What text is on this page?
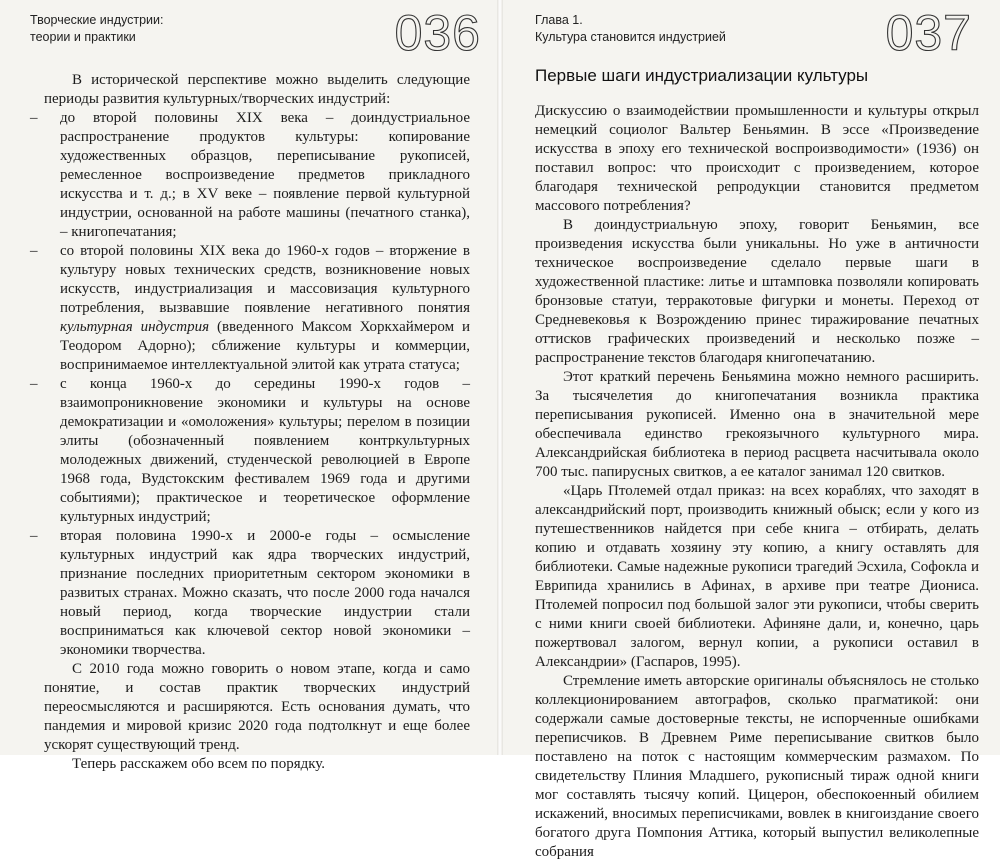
Творческие индустрии:
теории и практики	036

В исторической перспективе можно выделить следующие периоды развития культурных/творческих индустрий:

– до второй половины XIX века – доиндустриальное распространение продуктов культуры: копирование художественных образцов, переписывание рукописей, ремесленное воспроизведение предметов прикладного искусства и т. д.; в XV веке – появление первой культурной индустрии, основанной на работе машины (печатного станка), – книгопечатания;
– со второй половины XIX века до 1960-х годов – вторжение в культуру новых технических средств, возникновение новых искусств, индустриализация и массовизация культурного потребления, вызвавшие появление негативного понятия культурная индустрия (введенного Максом Хоркхаймером и Теодором Адорно); сближение культуры и коммерции, воспринимаемое интеллектуальной элитой как утрата статуса;
– с конца 1960-х до середины 1990-х годов – взаимопроникновение экономики и культуры на основе демократизации и «омоложения» культуры; перелом в позиции элиты (обозначенный появлением контркультурных молодежных движений, студенческой революцией в Европе 1968 года, Вудстокским фестивалем 1969 года и другими событиями); практическое и теоретическое оформление культурных индустрий;
– вторая половина 1990-х и 2000-е годы – осмысление культурных индустрий как ядра творческих индустрий, признание последних приоритетным сектором экономики в развитых странах. Можно сказать, что после 2000 года начался новый период, когда творческие индустрии стали восприниматься как ключевой сектор новой экономики – экономики творчества.

С 2010 года можно говорить о новом этапе, когда и само понятие, и состав практик творческих индустрий переосмысляются и расширяются. Есть основания думать, что пандемия и мировой кризис 2020 года подтолкнут и еще более ускорят существующий тренд.

Теперь расскажем обо всем по порядку.

Глава 1.
Культура становится индустрией	037
Первые шаги индустриализации культуры

Дискуссию о взаимодействии промышленности и культуры открыл немецкий социолог Вальтер Беньямин. В эссе «Произведение искусства в эпоху его технической воспроизводимости» (1936) он поставил вопрос: что происходит с произведением, которое благодаря технической репродукции становится предметом массового потребления?

В доиндустриальную эпоху, говорит Беньямин, все произведения искусства были уникальны. Но уже в античности техническое воспроизведение сделало первые шаги в художественной пластике: литье и штамповка позволяли копировать бронзовые статуи, терракотовые фигурки и монеты. Переход от Средневековья к Возрождению принес тиражирование печатных оттисков графических произведений и несколько позже – распространение текстов благодаря книгопечатанию.

Этот краткий перечень Беньямина можно немного расширить. За тысячелетия до книгопечатания возникла практика переписывания рукописей. Именно она в значительной мере обеспечивала единство грекоязычного культурного мира. Александрийская библиотека в период расцвета насчитывала около 700 тыс. папирусных свитков, а ее каталог занимал 120 свитков.

«Царь Птолемей отдал приказ: на всех кораблях, что заходят в александрийский порт, производить книжный обыск; если у кого из путешественников найдется при себе книга – отбирать, делать копию и отдавать хозяину эту копию, а книгу оставлять для библиотеки. Самые надежные рукописи трагедий Эсхила, Софокла и Еврипида хранились в Афинах, в архиве при театре Диониса. Птолемей попросил под большой залог эти рукописи, чтобы сверить с ними книги своей библиотеки. Афиняне дали, и, конечно, царь пожертвовал залогом, вернул копии, а рукописи оставил в Александрии» (Гаспаров, 1995).

Стремление иметь авторские оригиналы объяснялось не столько коллекционированием автографов, сколько прагматикой: они содержали самые достоверные тексты, не испорченные ошибками переписчиков. В Древнем Риме переписывание свитков было поставлено на поток с настоящим коммерческим размахом. По свидетельству Плиния Младшего, рукописный тираж одной книги мог составлять тысячу копий. Цицерон, обеспокоенный обилием искажений, вносимых переписчиками, вовлек в книгоиздание своего богатого друга Помпония Аттика, который выпустил великолепные собрания
